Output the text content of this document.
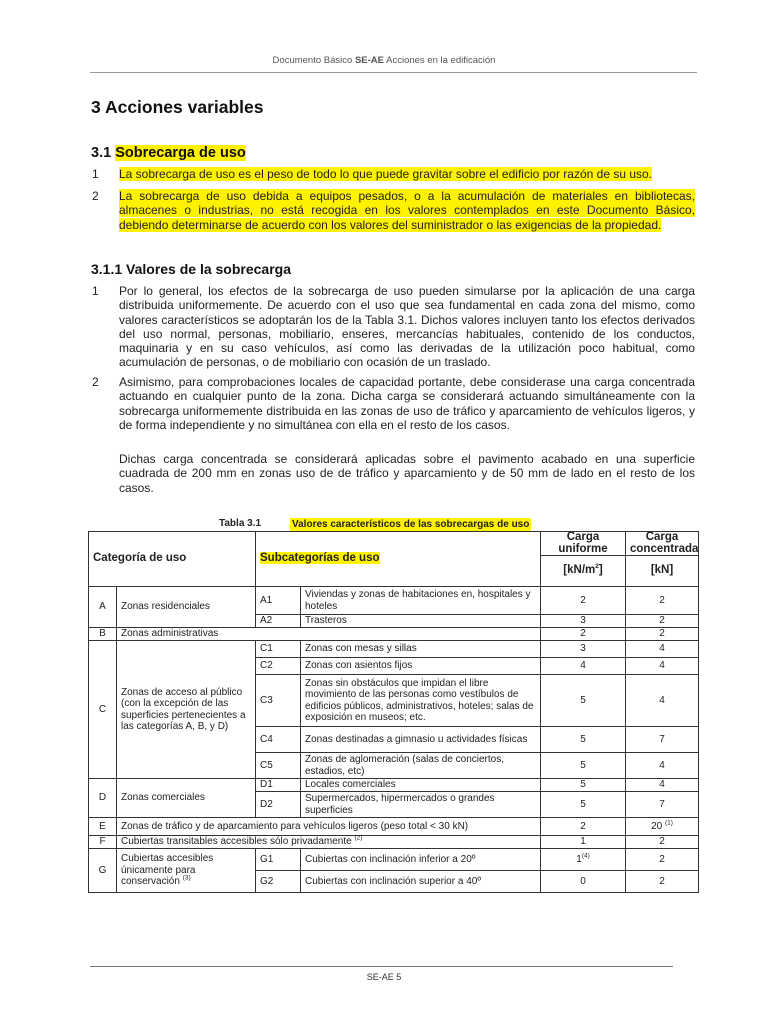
Documento Básico SE-AE Acciones en la edificación
3 Acciones variables
3.1 Sobrecarga de uso
1 La sobrecarga de uso es el peso de todo lo que puede gravitar sobre el edificio por razón de su uso.
2 La sobrecarga de uso debida a equipos pesados, o a la acumulación de materiales en bibliotecas, almacenes o industrias, no está recogida en los valores contemplados en este Documento Básico, debiendo determinarse de acuerdo con los valores del suministrador o las exigencias de la propiedad.
3.1.1 Valores de la sobrecarga
1 Por lo general, los efectos de la sobrecarga de uso pueden simularse por la aplicación de una carga distribuida uniformemente. De acuerdo con el uso que sea fundamental en cada zona del mismo, como valores característicos se adoptarán los de la Tabla 3.1. Dichos valores incluyen tanto los efectos derivados del uso normal, personas, mobiliario, enseres, mercancías habituales, contenido de los conductos, maquinaria y en su caso vehículos, así como las derivadas de la utilización poco habitual, como acumulación de personas, o de mobiliario con ocasión de un traslado.
2 Asimismo, para comprobaciones locales de capacidad portante, debe considerase una carga concentrada actuando en cualquier punto de la zona. Dicha carga se considerará actuando simultáneamente con la sobrecarga uniformemente distribuida en las zonas de uso de tráfico y aparcamiento de vehículos ligeros, y de forma independiente y no simultánea con ella en el resto de los casos.
Dichas carga concentrada se considerará aplicadas sobre el pavimento acabado en una superficie cuadrada de 200 mm en zonas uso de de tráfico y aparcamiento y de 50 mm de lado en el resto de los casos.
Tabla 3.1	Valores característicos de las sobrecargas de uso
Categoría de uso		Subcategorías de uso		Carga uniforme	Carga concentrada
				$[kN/m^2]$	[kN]
A	Zonas residenciales	A1	Viviendas y zonas de habitaciones en, hospitales y hoteles	2	2
		A2	Trasteros	3	2
B	Zonas administrativas			2	2
C	Zonas de acceso al público (con la excepción de las superficies pertenecientes a las categorías A, B, y D)	C1	Zonas con mesas y sillas	3	4
		C2	Zonas con asientos fijos	4	4
		C3	Zonas sin obstáculos que impidan el libre movimiento de las personas como vestíbulos de edificios públicos, administrativos, hoteles; salas de exposición en museos; etc.	5	4
		C4	Zonas destinadas a gimnasio u actividades físicas	5	7
		C5	Zonas de aglomeración (salas de conciertos, estadios, etc)	5	4
D	Zonas comerciales	D1	Locales comerciales	5	4
		D2	Supermercados, hipermercados o grandes superficies	5	7
E	Zonas de tráfico y de aparcamiento para vehículos ligeros (peso total < 30 kN)			2	20 $^{(1)}$
F	Cubiertas transitables accesibles sólo privadamente $^{(2)}$			1	2
G	Cubiertas accesibles únicamente para conservación $^{(3)}$	G1	Cubiertas con inclinación inferior a 20º	1$^{(4)}$	2
		G2	Cubiertas con inclinación superior a 40º	0	2
SE-AE 5
